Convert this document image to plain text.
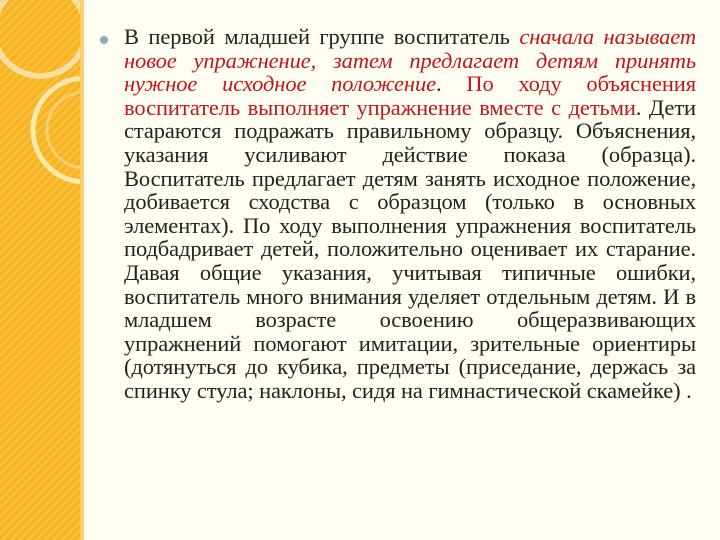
В первой младшей группе воспитатель сначала называет новое упражнение, затем предлагает детям принять нужное исходное положение. По ходу объяснения воспитатель выполняет упражнение вместе с детьми. Дети стараются подражать правильному образцу. Объяснения, указания усиливают действие показа (образца). Воспитатель предлагает детям занять исходное положение, добивается сходства с образцом (только в основных элементах). По ходу выполнения упражнения воспитатель подбадривает детей, положительно оценивает их старание. Давая общие указания, учитывая типичные ошибки, воспитатель много внимания уделяет отдельным детям. И в младшем возрасте освоению общеразвивающих упражнений помогают имитации, зрительные ориентиры (дотянуться до кубика, предметы (приседание, держась за спинку стула; наклоны, сидя на гимнастической скамейке) .
